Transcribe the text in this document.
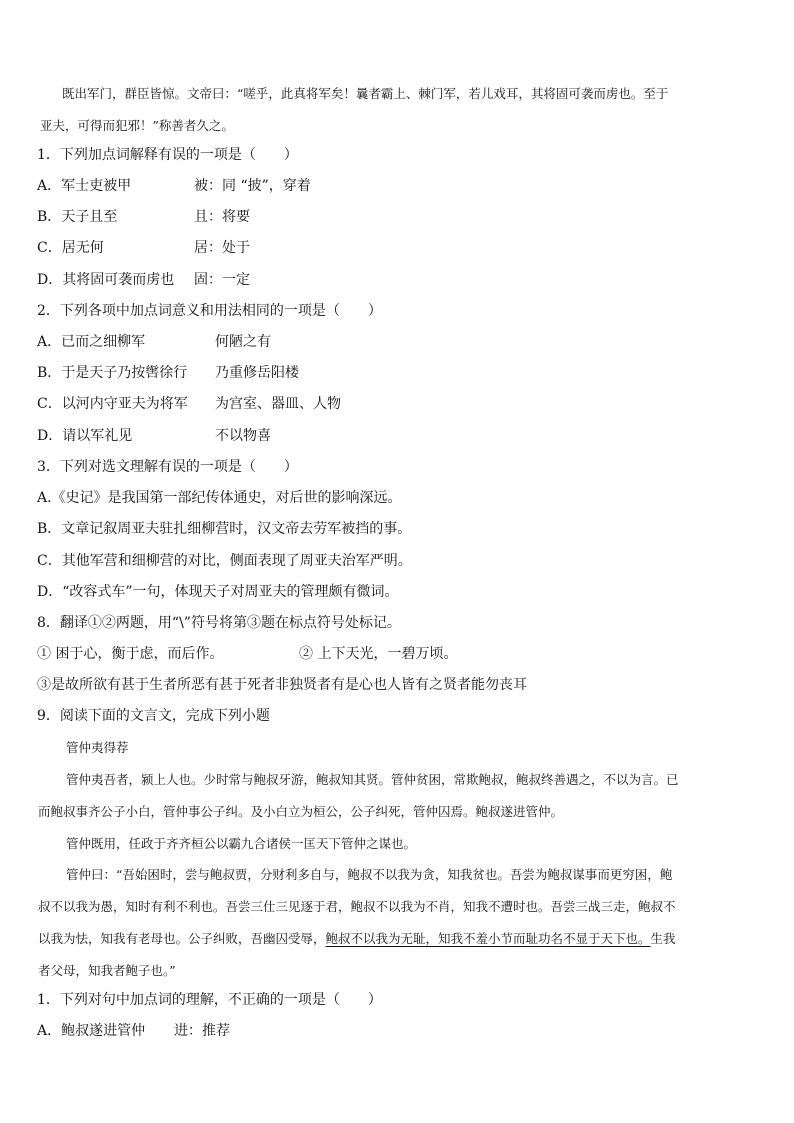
既出军门，群臣皆惊。文帝曰：“嗟乎，此真将军矣！曩者霸上、棘门军，若儿戏耳，其将固可袭而虏也。至于
亚夫，可得而犯邪！”称善者久之。
1．下列加点词解释有误的一项是（　　）
A．军士吏被甲	被：同 “披”，穿着
B．天子且至	且：将要
C．居无何	居：处于
D．其将固可袭而虏也 固：一定
2．下列各项中加点词意义和用法相同的一项是（　　）
A．已而之细柳军	何陋之有
B．于是天子乃按辔徐行 乃重修岳阳楼
C．以河内守亚夫为将军 为宫室、器皿、人物
D．请以军礼见	不以物喜
3．下列对选文理解有误的一项是（　　）
A.《史记》是我国第一部纪传体通史，对后世的影响深远。
B．文章记叙周亚夫驻扎细柳营时，汉文帝去劳军被挡的事。
C．其他军营和细柳营的对比，侧面表现了周亚夫治军严明。
D．“改容式车”一句，体现天子对周亚夫的管理颇有微词。
8．翻译①②两题，用“\”符号将第③题在标点符号处标记。
① 困于心，衡于虑，而后作。	② 上下天光，一碧万顷。
③是故所欲有甚于生者所恶有甚于死者非独贤者有是心也人皆有之贤者能勿丧耳
9．阅读下面的文言文，完成下列小题
管仲夷得荐
管仲夷吾者，颍上人也。少时常与鲍叔牙游，鲍叔知其贤。管仲贫困，常欺鲍叔，鲍叔终善遇之，不以为言。已
而鲍叔事齐公子小白，管仲事公子纠。及小白立为桓公，公子纠死，管仲囚焉。鲍叔遂进管仲。
管仲既用，任政于齐齐桓公以霸九合诸侯一匡天下管仲之谋也。
管仲曰：“吾始困时，尝与鲍叔贾，分财利多自与，鲍叔不以我为贪，知我贫也。吾尝为鲍叔谋事而更穷困，鲍
叔不以我为愚，知时有利不利也。吾尝三仕三见逐于君，鲍叔不以我为不肖，知我不遭时也。吾尝三战三走，鲍叔不
以我为怯，知我有老母也。公子纠败，吾幽囚受辱，鲍叔不以我为无耻，知我不羞小节而耻功名不显于天下也。生我
者父母，知我者鲍子也。”
1．下列对句中加点词的理解，不正确的一项是（　　）
A．鲍叔遂进管仲 进：推荐
